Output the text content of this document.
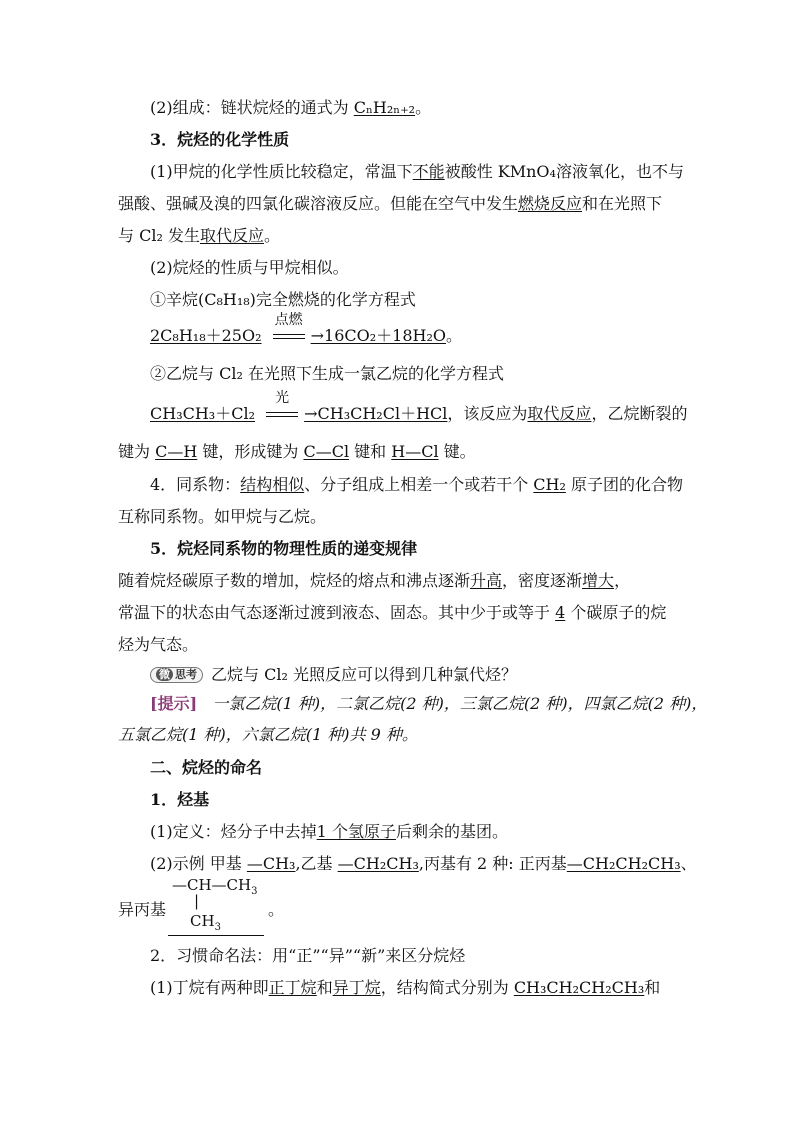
(2)组成：链状烷烃的通式为 CₙH₂ₙ₊₂。
3．烷烃的化学性质
(1)甲烷的化学性质比较稳定，常温下不能被酸性 KMnO₄溶液氧化，也不与
强酸、强碱及溴的四氯化碳溶液反应。但能在空气中发生燃烧反应和在光照下
与 Cl₂ 发生取代反应。
(2)烷烃的性质与甲烷相似。
①辛烷(C₈H₁₈)完全燃烧的化学方程式
2C₈H₁₈＋25O₂
点燃
→16CO₂＋18H₂O。
②乙烷与 Cl₂ 在光照下生成一氯乙烷的化学方程式
CH₃CH₃＋Cl₂
光
→CH₃CH₂Cl＋HCl，该反应为取代反应，乙烷断裂的
键为 C—H 键，形成键为 C—Cl 键和 H—Cl 键。
4．同系物：结构相似、分子组成上相差一个或若干个 CH₂ 原子团的化合物
互称同系物。如甲烷与乙烷。
5．烷烃同系物的物理性质的递变规律
随着烷烃碳原子数的增加，烷烃的熔点和沸点逐渐升高，密度逐渐增大，
常温下的状态由气态逐渐过渡到液态、固态。其中少于或等于 4 个碳原子的烷
烃为气态。
微 思考 乙烷与 Cl₂ 光照反应可以得到几种氯代烃？
[提示] 一氯乙烷(1 种)，二氯乙烷(2 种)，三氯乙烷(2 种)，四氯乙烷(2 种)，
五氯乙烷(1 种)，六氯乙烷(1 种)共 9 种。
二、烷烃的命名
1．烃基
(1)定义：烃分子中去掉1 个氢原子后剩余的基团。
(2)示例 甲基 —CH₃,乙基 —CH₂CH₃,丙基有 2 种: 正丙基—CH₂CH₂CH₃、
异丙基
$—CH—CH_3$
|
$CH_3$
。
2．习惯命名法：用“正”“异”“新”来区分烷烃
(1)丁烷有两种即正丁烷和异丁烷，结构简式分别为 CH₃CH₂CH₂CH₃和
